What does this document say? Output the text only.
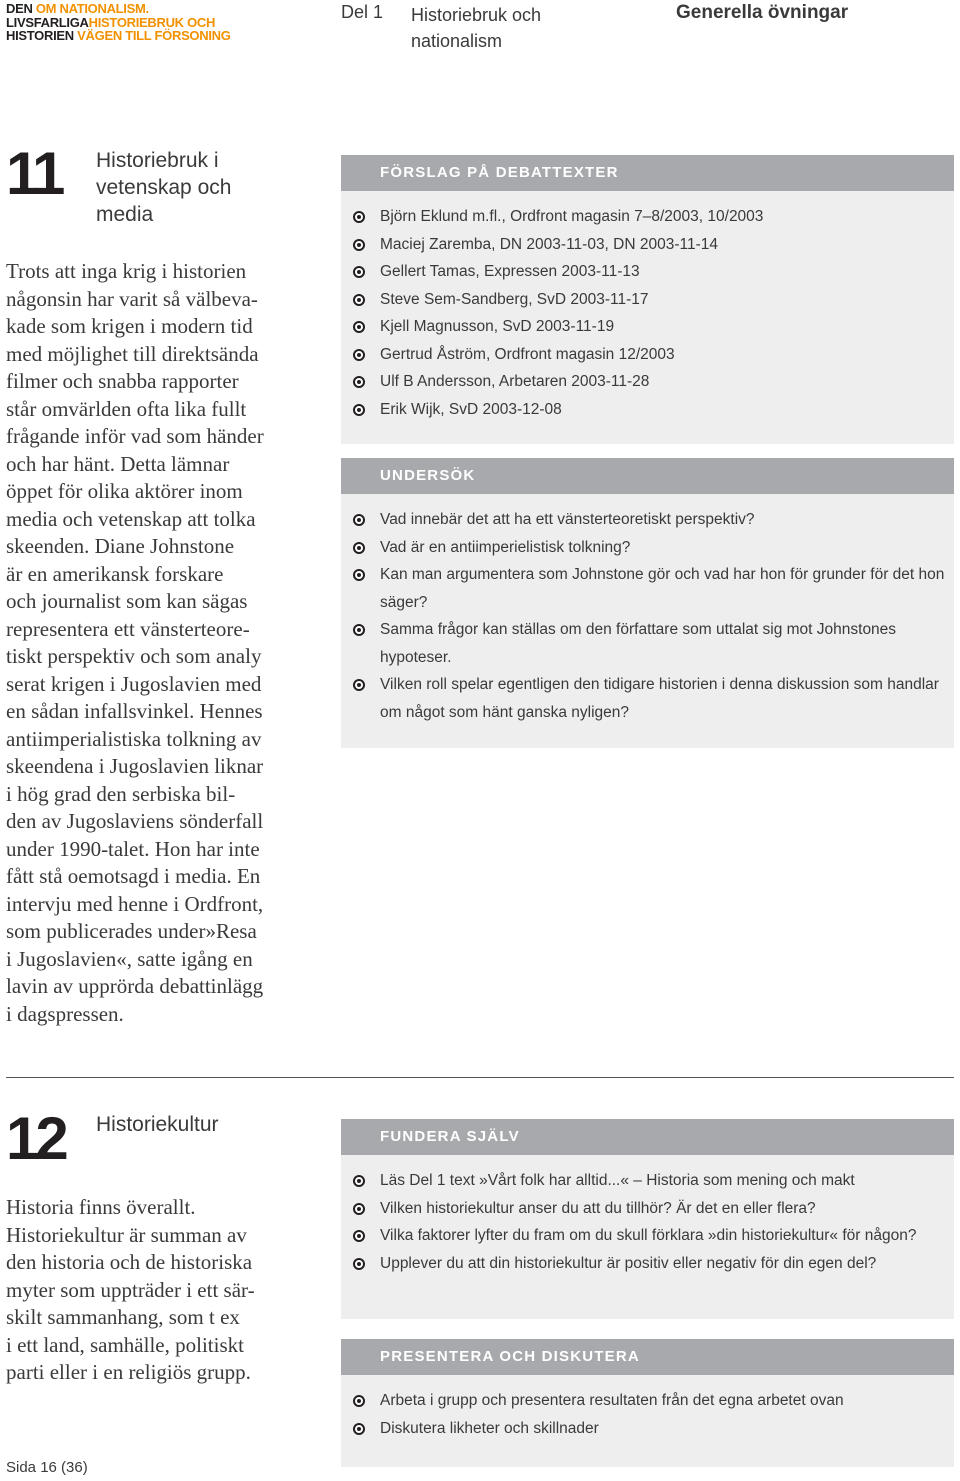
DEN OM NATIONALISM.
LIVSFARLIGAHISTORIEBRUK OCH
HISTORIEN VÄGEN TILL FÖRSONING
Del 1 Historiebruk och nationalism
Generella övningar
11 Historiebruk i vetenskap och media
Trots att inga krig i historien
någonsin har varit så välbeva-
kade som krigen i modern tid
med möjlighet till direktsända
filmer och snabba rapporter
står omvärlden ofta lika fullt
frågande inför vad som händer
och har hänt. Detta lämnar
öppet för olika aktörer inom
media och vetenskap att tolka
skeenden. Diane Johnstone
är en amerikansk forskare
och journalist som kan sägas
representera ett vänsterteore-
tiskt perspektiv och som analy
serat krigen i Jugoslavien med
en sådan infallsvinkel. Hennes
antiimperialistiska tolkning av
skeendena i Jugoslavien liknar
i hög grad den serbiska bil-
den av Jugoslaviens sönderfall
under 1990-talet. Hon har inte
fått stå oemotsagd i media. En
intervju med henne i Ordfront,
som publicerades under»Resa
i Jugoslavien«, satte igång en
lavin av upprörda debattinlägg
i dagspressen.
FÖRSLAG PÅ DEBATTEXTER
Björn Eklund m.fl., Ordfront magasin 7–8/2003, 10/2003
Maciej Zaremba, DN 2003-11-03, DN 2003-11-14
Gellert Tamas, Expressen 2003-11-13
Steve Sem-Sandberg, SvD 2003-11-17
Kjell Magnusson, SvD 2003-11-19
Gertrud Åström, Ordfront magasin 12/2003
Ulf B Andersson, Arbetaren 2003-11-28
Erik Wijk, SvD 2003-12-08
UNDERSÖK
Vad innebär det att ha ett vänsterteoretiskt perspektiv?
Vad är en antiimperielistisk tolkning?
Kan man argumentera som Johnstone gör och vad har hon för grunder för det hon säger?
Samma frågor kan ställas om den författare som uttalat sig mot Johnstones hypoteser.
Vilken roll spelar egentligen den tidigare historien i denna diskussion som handlar om något som hänt ganska nyligen?
12 Historiekultur
Historia finns överallt.
Historiekultur är summan av
den historia och de historiska
myter som uppträder i ett sär-
skilt sammanhang, som t ex
i ett land, samhälle, politiskt
parti eller i en religiös grupp.
FUNDERA SJÄLV
Läs Del 1 text »Vårt folk har alltid...« – Historia som mening och makt
Vilken historiekultur anser du att du tillhör? Är det en eller flera?
Vilka faktorer lyfter du fram om du skull förklara »din historiekultur« för någon?
Upplever du att din historiekultur är positiv eller negativ för din egen del?
PRESENTERA OCH DISKUTERA
Arbeta i grupp och presentera resultaten från det egna arbetet ovan
Diskutera likheter och skillnader
Sida 16 (36)
